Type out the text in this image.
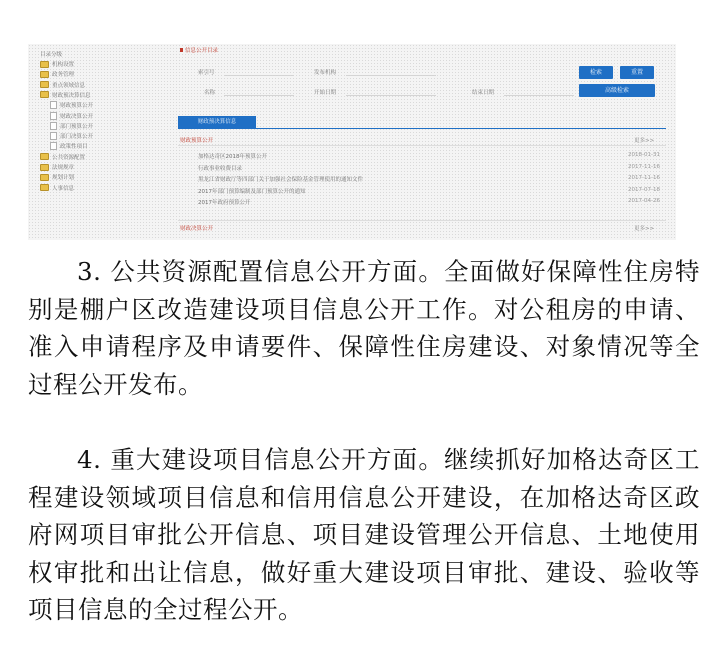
目录分级
机构设置
政务管理
重点领域信息
财政预决算信息
财政预算公开
财政决算公开
部门预算公开
部门决算公开
政策性项目
公共资源配置
法规规章
规划计划
人事信息
信息公开目录
索引号	发布机构
名称	开始日期	结束日期
检索	重置
高级检索
财政预决算信息
财政预算公开	更多>>
加格达奇区2018年预算公开	2018-01-31
行政事业收费目录	2017-11-16
黑龙江省财政厅等四部门关于加强社会保险基金管理使用的通知文件	2017-11-16
2017年部门预算编制及部门预算公开的通知	2017-07-18
2017年政府预算公开	2017-04-26
财政决算公开	更多>>

3. 公共资源配置信息公开方面。全面做好保障性住房特别是棚户区改造建设项目信息公开工作。对公租房的申请、准入申请程序及申请要件、保障性住房建设、对象情况等全过程公开发布。

4. 重大建设项目信息公开方面。继续抓好加格达奇区工程建设领域项目信息和信用信息公开建设，在加格达奇区政府网项目审批公开信息、项目建设管理公开信息、土地使用权审批和出让信息，做好重大建设项目审批、建设、验收等项目信息的全过程公开。
